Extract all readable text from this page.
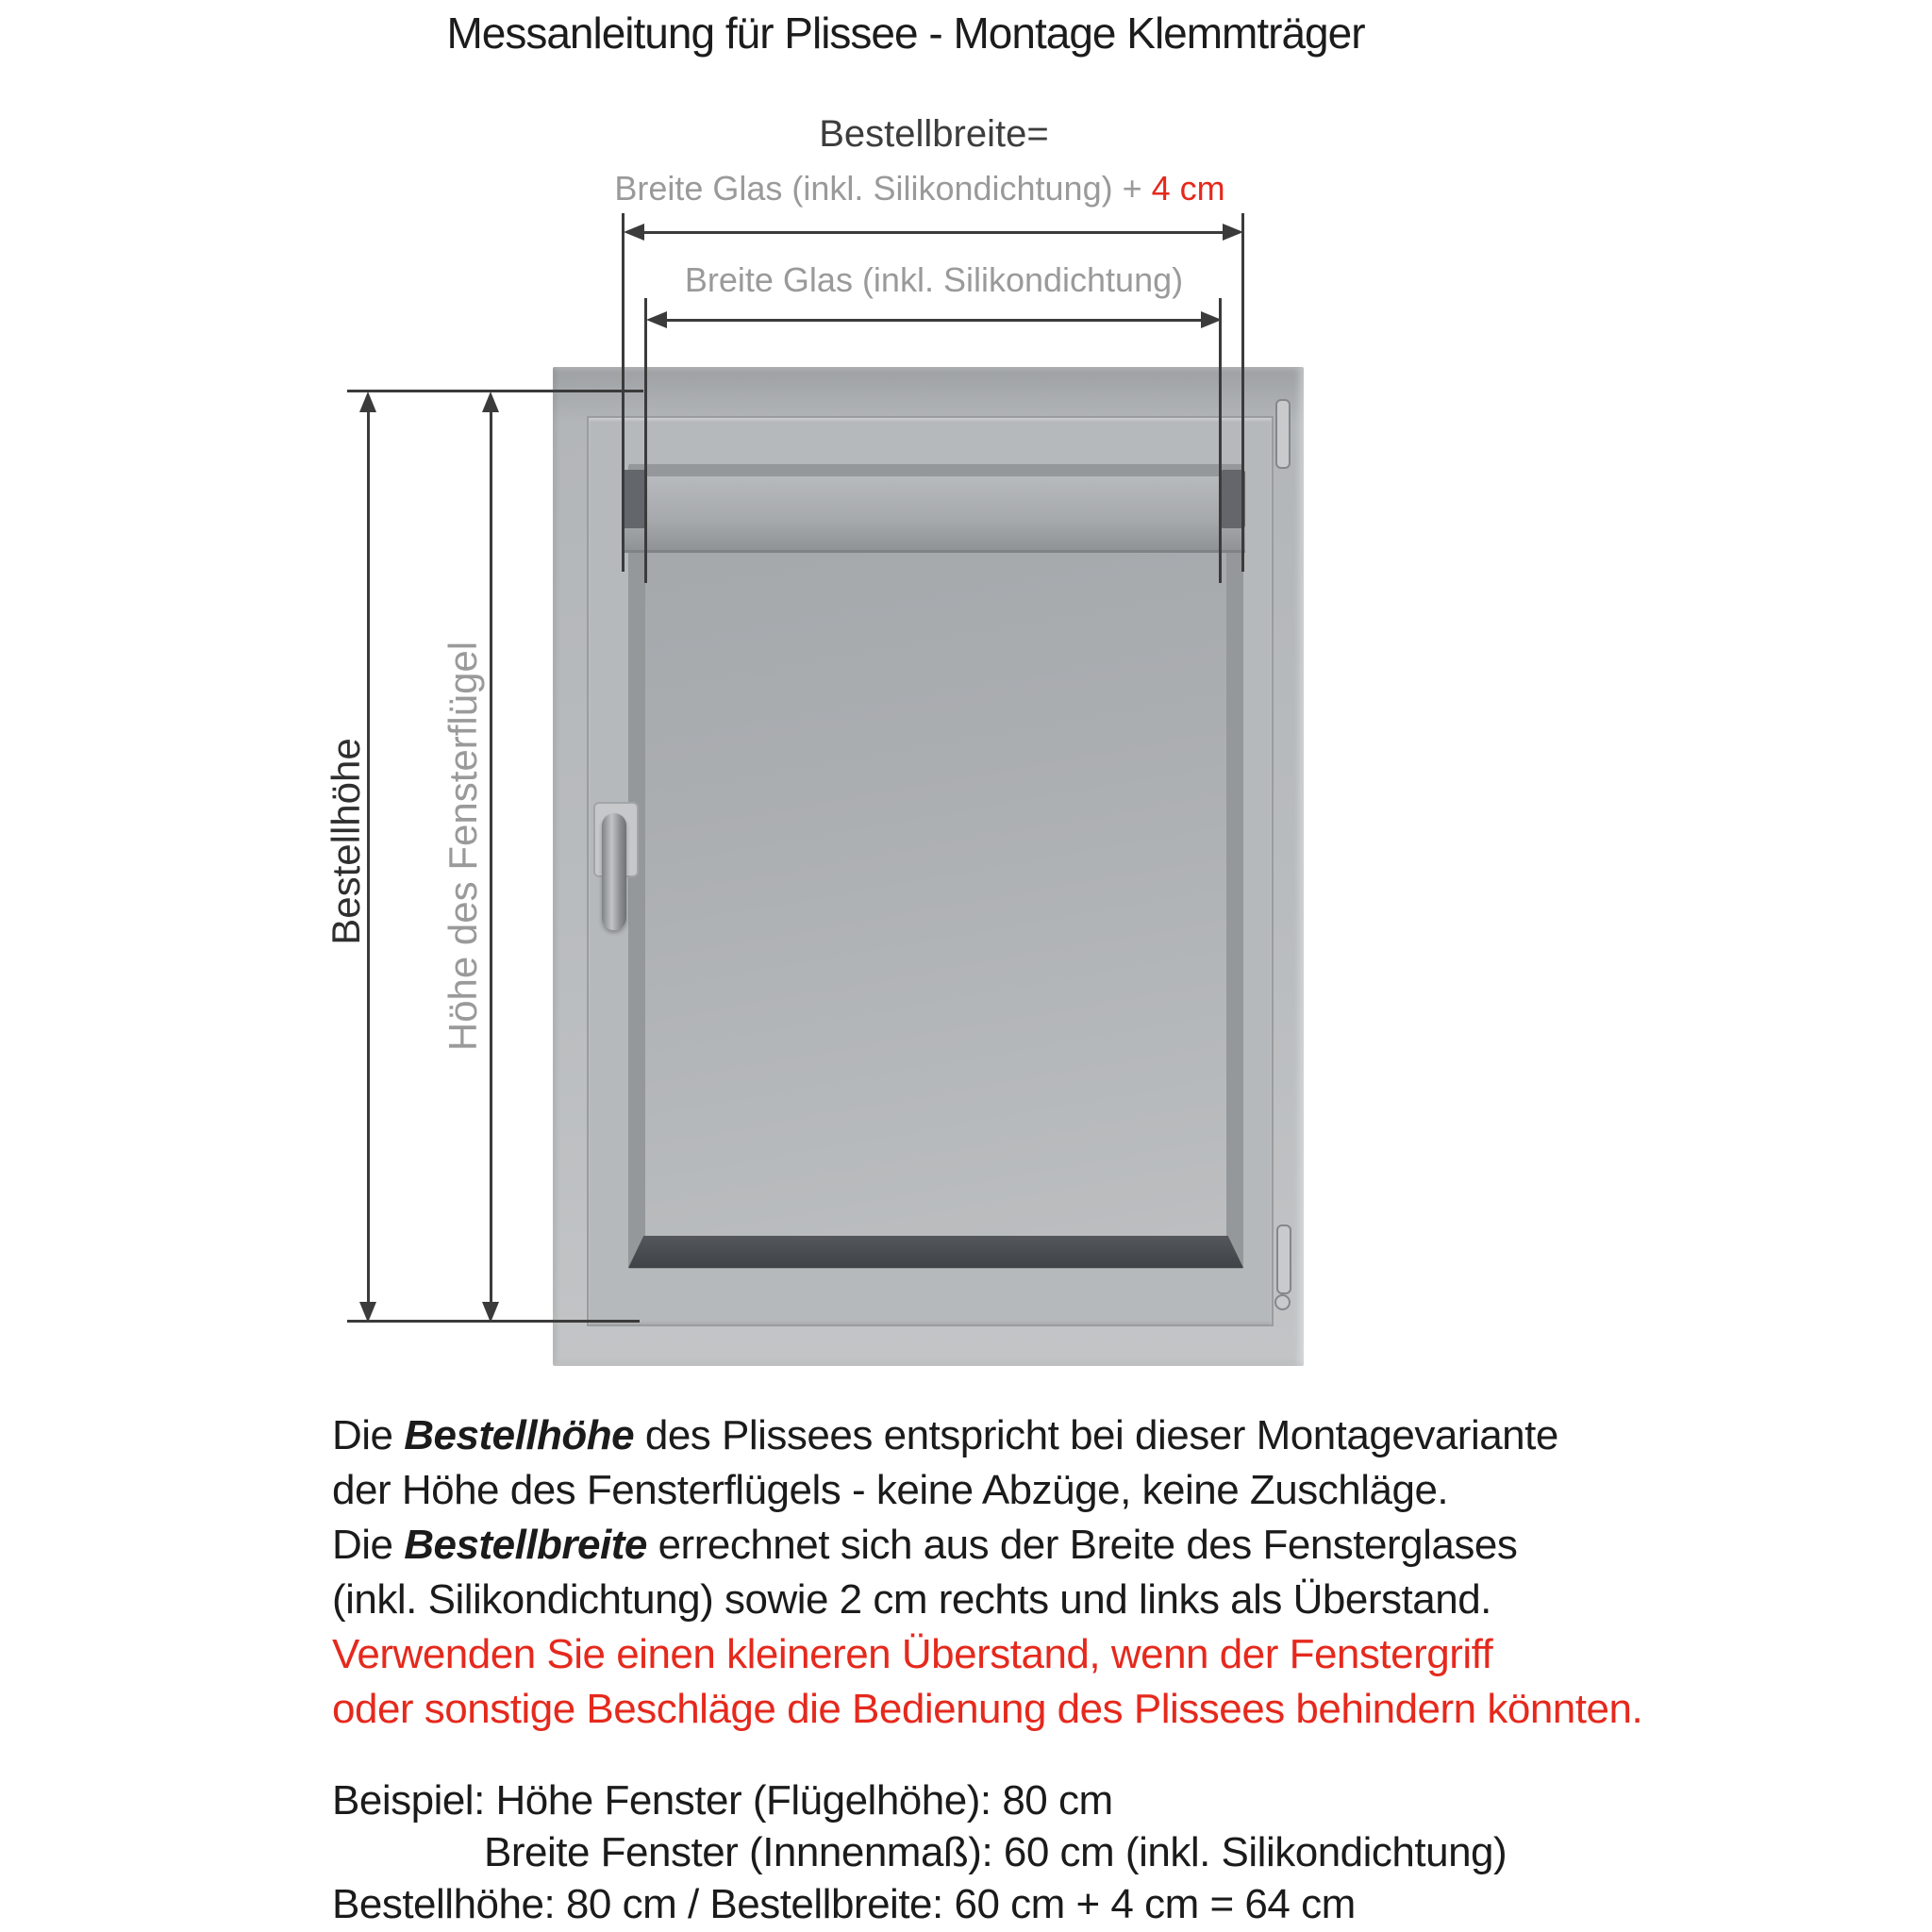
Messanleitung für Plissee - Montage Klemmträger
Bestellbreite=
Breite Glas (inkl. Silikondichtung) + 4 cm
Breite Glas (inkl. Silikondichtung)
Bestellhöhe Höhe des Fensterflügel
Die Bestellhöhe des Plissees entspricht bei dieser Montagevariante
der Höhe des Fensterflügels - keine Abzüge, keine Zuschläge.
Die Bestellbreite errechnet sich aus der Breite des Fensterglases
(inkl. Silikondichtung) sowie 2 cm rechts und links als Überstand.
Verwenden Sie einen kleineren Überstand, wenn der Fenstergriff
oder sonstige Beschläge die Bedienung des Plissees behindern könnten.
Beispiel: Höhe Fenster (Flügelhöhe): 80 cm
Breite Fenster (Innnenmaß): 60 cm (inkl. Silikondichtung)
Bestellhöhe: 80 cm / Bestellbreite: 60 cm + 4 cm = 64 cm
